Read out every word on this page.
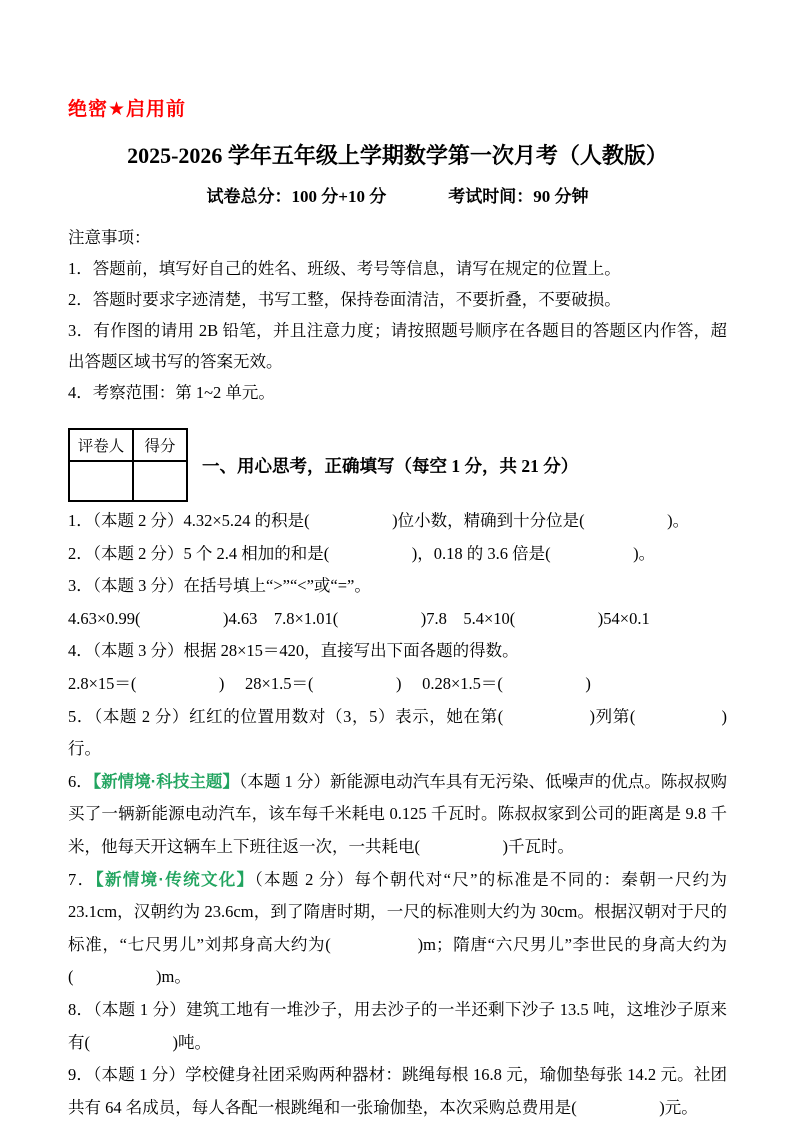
绝密★启用前
2025-2026 学年五年级上学期数学第一次月考（人教版）
试卷总分：100 分+10 分	考试时间：90 分钟

注意事项：

1．答题前，填写好自己的姓名、班级、考号等信息，请写在规定的位置上。

2．答题时要求字迹清楚，书写工整，保持卷面清洁，不要折叠，不要破损。

3．有作图的请用 2B 铅笔，并且注意力度；请按照题号顺序在各题目的答题区内作答，超出答题区域书写的答案无效。

4．考察范围：第 1~2 单元。

评卷人	得分

一、用心思考，正确填写（每空 1 分，共 21 分）

1．（本题 2 分）4.32×5.24 的积是(　　　　　)位小数，精确到十分位是(　　　　　)。

2．（本题 2 分）5 个 2.4 相加的和是(　　　　　)，0.18 的 3.6 倍是(　　　　　)。

3．（本题 3 分）在括号填上“>”“<”或“=”。

4.63×0.99(　　　　　)4.63　7.8×1.01(　　　　　)7.8　5.4×10(　　　　　)54×0.1

4．（本题 3 分）根据 28×15＝420，直接写出下面各题的得数。

2.8×15＝(　　　　　)　 28×1.5＝(　　　　　)　 0.28×1.5＝(　　　　　)

5．（本题 2 分）红红的位置用数对（3，5）表示，她在第(　　　　　)列第(　　　　　)行。

6．【新情境·科技主题】（本题 1 分）新能源电动汽车具有无污染、低噪声的优点。陈叔叔购买了一辆新能源电动汽车，该车每千米耗电 0.125 千瓦时。陈叔叔家到公司的距离是 9.8 千米，他每天开这辆车上下班往返一次，一共耗电(　　　　　)千瓦时。

7．【新情境·传统文化】（本题 2 分）每个朝代对“尺”的标准是不同的：秦朝一尺约为 23.1cm，汉朝约为 23.6cm，到了隋唐时期，一尺的标准则大约为 30cm。根据汉朝对于尺的标准，“七尺男儿”刘邦身高大约为(　　　　　)m；隋唐“六尺男儿”李世民的身高大约为(　　　　　)m。

8．（本题 1 分）建筑工地有一堆沙子，用去沙子的一半还剩下沙子 13.5 吨，这堆沙子原来有(　　　　　)吨。

9．（本题 1 分）学校健身社团采购两种器材：跳绳每根 16.8 元，瑜伽垫每张 14.2 元。社团共有 64 名成员，每人各配一根跳绳和一张瑜伽垫，本次采购总费用是(　　　　　)元。
